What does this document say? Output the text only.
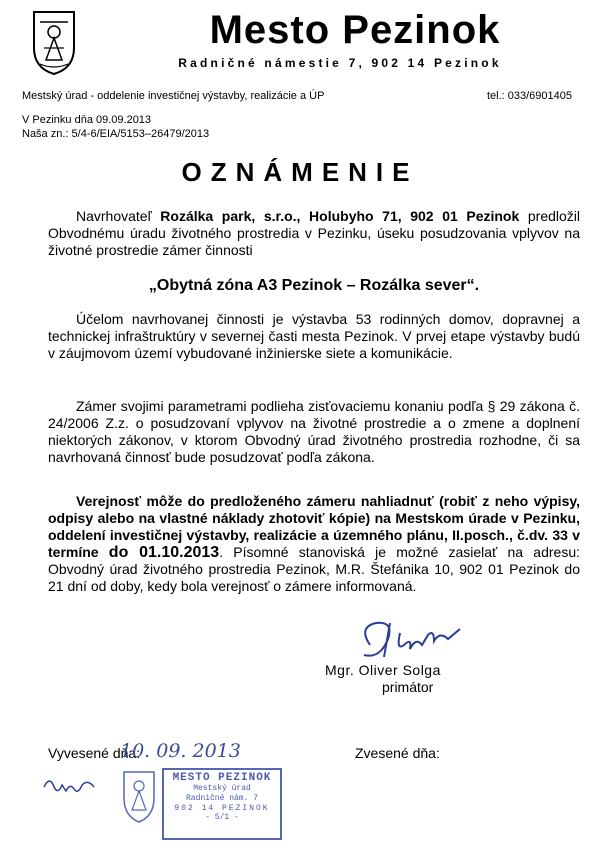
Mesto Pezinok
Radničné námestie 7, 902 14 Pezinok
Mestský úrad - oddelenie investičnej výstavby, realizácie a ÚP	tel.: 033/6901405
V Pezinku dňa 09.09.2013
Naša zn.: 5/4-6/EIA/5153–26479/2013
OZNÁMENIE
Navrhovateľ Rozálka park, s.r.o., Holubyho 71, 902 01 Pezinok predložil Obvodnému úradu životného prostredia v Pezinku, úseku posudzovania vplyvov na životné prostredie zámer činnosti
„Obytná zóna A3 Pezinok – Rozálka sever“.
Účelom navrhovanej činnosti je výstavba 53 rodinných domov, dopravnej a technickej infraštruktúry v severnej časti mesta Pezinok. V prvej etape výstavby budú v záujmovom území vybudované inžinierske siete a komunikácie.
Zámer svojimi parametrami podlieha zisťovaciemu konaniu podľa § 29 zákona č. 24/2006 Z.z. o posudzovaní vplyvov na životné prostredie a o zmene a doplnení niektorých zákonov, v ktorom Obvodný úrad životného prostredia rozhodne, či sa navrhovaná činnosť bude posudzovať podľa zákona.
Verejnosť môže do predloženého zámeru nahliadnuť (robiť z neho výpisy, odpisy alebo na vlastné náklady zhotoviť kópie) na Mestskom úrade v Pezinku, oddelení investičnej výstavby, realizácie a územného plánu, II.posch., č.dv. 33 v termíne do 01.10.2013. Písomné stanoviská je možné zasielať na adresu: Obvodný úrad životného prostredia Pezinok, M.R. Štefánika 10, 902 01 Pezinok do 21 dní od doby, kedy bola verejnosť o zámere informovaná.
Mgr. Oliver Solga
primátor
Vyvesené dňa:
10. 09. 2013	Zvesené dňa:
MESTO PEZINOK
Mestský úrad
Radničné nám. 7
902 14 PEZINOK
- 5/1 -
